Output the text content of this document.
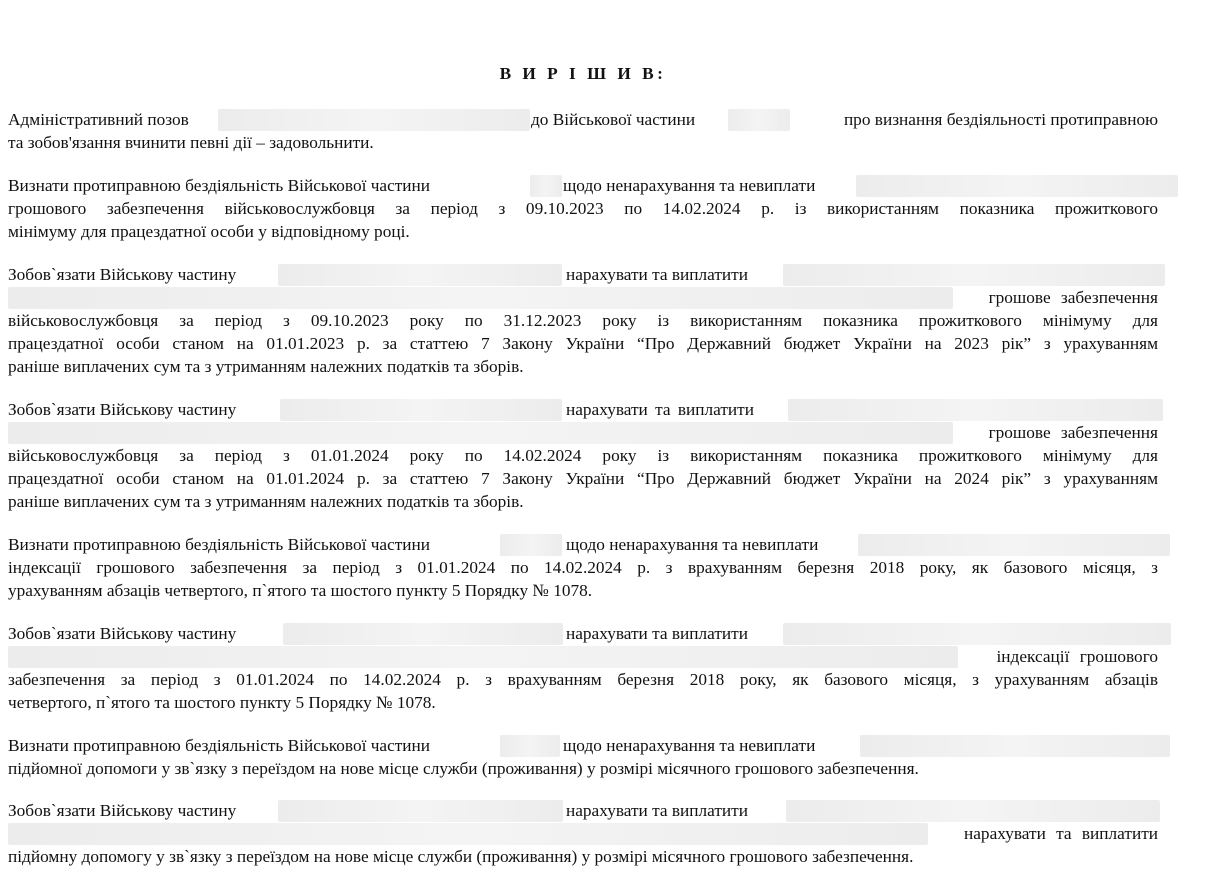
В И Р І Ш И В:
Адміністративний позов	до Військової частини	про визнання бездіяльності протиправною
та зобов'язання вчинити певні дії – задовольнити.
Визнати протиправною бездіяльність Військової частини	щодо ненарахування та невиплати
грошового забезпечення військовослужбовця за період з 09.10.2023 по 14.02.2024 р. із використанням показника прожиткового
мінімуму для працездатної особи у відповідному році.
Зобов`язати Військову частину	нарахувати та виплатити
грошове забезпечення
військовослужбовця за період з 09.10.2023 року по 31.12.2023 року із використанням показника прожиткового мінімуму для
працездатної особи станом на 01.01.2023 р. за статтею 7 Закону України “Про Державний бюджет України на 2023 рік” з урахуванням
раніше виплачених сум та з утриманням належних податків та зборів.
Зобов`язати Військову частину	нарахувати та виплатити
грошове забезпечення
військовослужбовця за період з 01.01.2024 року по 14.02.2024 року із використанням показника прожиткового мінімуму для
працездатної особи станом на 01.01.2024 р. за статтею 7 Закону України “Про Державний бюджет України на 2024 рік” з урахуванням
раніше виплачених сум та з утриманням належних податків та зборів.
Визнати протиправною бездіяльність Військової частини	щодо ненарахування та невиплати
індексації грошового забезпечення за період з 01.01.2024 по 14.02.2024 р. з врахуванням березня 2018 року, як базового місяця, з
урахуванням абзаців четвертого, п`ятого та шостого пункту 5 Порядку № 1078.
Зобов`язати Військову частину	нарахувати та виплатити
індексації грошового
забезпечення за період з 01.01.2024 по 14.02.2024 р. з врахуванням березня 2018 року, як базового місяця, з урахуванням абзаців
четвертого, п`ятого та шостого пункту 5 Порядку № 1078.
Визнати протиправною бездіяльність Військової частини	щодо ненарахування та невиплати
підйомної допомоги у зв`язку з переїздом на нове місце служби (проживання) у розмірі місячного грошового забезпечення.
Зобов`язати Військову частину	нарахувати та виплатити
нарахувати та виплатити
підйомну допомогу у зв`язку з переїздом на нове місце служби (проживання) у розмірі місячного грошового забезпечення.
